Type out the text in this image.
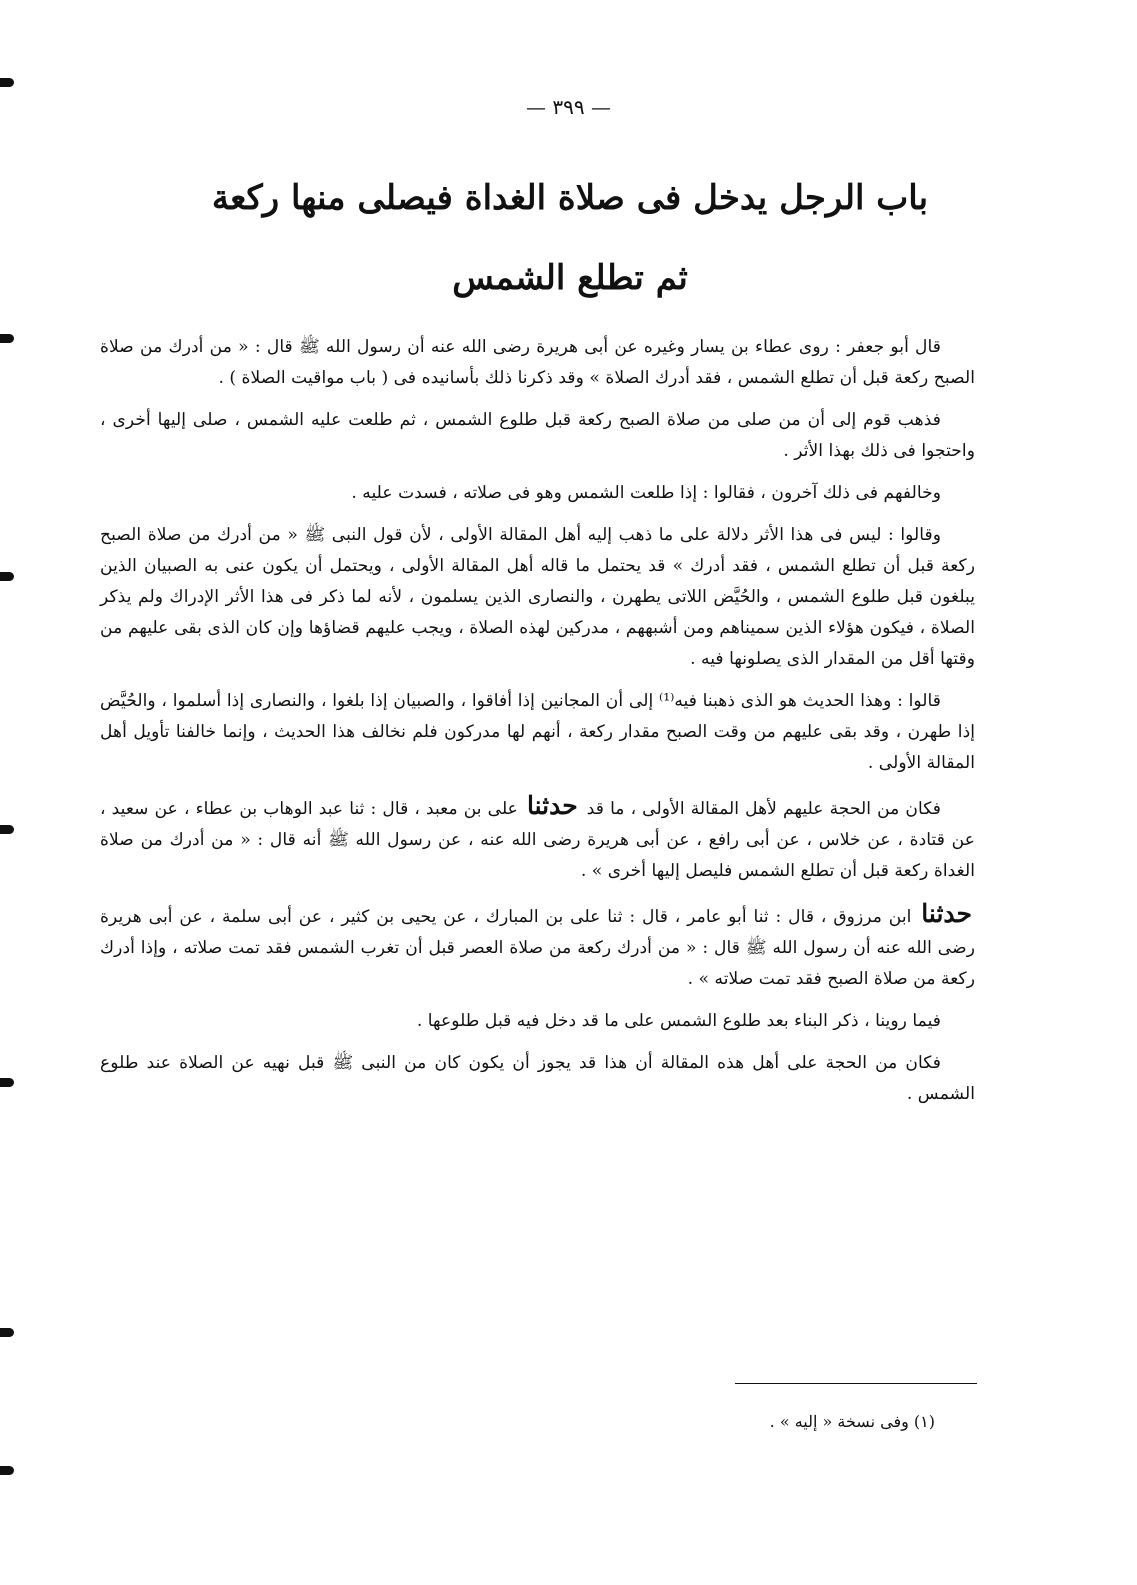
— ٣٩٩ —
باب الرجل يدخل فى صلاة الغداة فيصلى منها ركعة
ثم تطلع الشمس

قال أبو جعفر : روى عطاء بن يسار وغيره عن أبى هريرة رضى الله عنه أن رسول الله ﷺ قال : « من أدرك من صلاة الصبح ركعة قبل أن تطلع الشمس ، فقد أدرك الصلاة » وقد ذكرنا ذلك بأسانيده فى ( باب مواقيت الصلاة ) .

فذهب قوم إلى أن من صلى من صلاة الصبح ركعة قبل طلوع الشمس ، ثم طلعت عليه الشمس ، صلى إليها أخرى ، واحتجوا فى ذلك بهذا الأثر .

وخالفهم فى ذلك آخرون ، فقالوا : إذا طلعت الشمس وهو فى صلاته ، فسدت عليه .

وقالوا : ليس فى هذا الأثر دلالة على ما ذهب إليه أهل المقالة الأولى ، لأن قول النبى ﷺ « من أدرك من صلاة الصبح ركعة قبل أن تطلع الشمس ، فقد أدرك » قد يحتمل ما قاله أهل المقالة الأولى ، ويحتمل أن يكون عنى به الصبيان الذين يبلغون قبل طلوع الشمس ، والحُيَّض اللاتى يطهرن ، والنصارى الذين يسلمون ، لأنه لما ذكر فى هذا الأثر الإدراك ولم يذكر الصلاة ، فيكون هؤلاء الذين سميناهم ومن أشبههم ، مدركين لهذه الصلاة ، ويجب عليهم قضاؤها وإن كان الذى بقى عليهم من وقتها أقل من المقدار الذى يصلونها فيه .

قالوا : وهذا الحديث هو الذى ذهبنا فيه⁽¹⁾ إلى أن المجانين إذا أفاقوا ، والصبيان إذا بلغوا ، والنصارى إذا أسلموا ، والحُيَّض إذا طهرن ، وقد بقى عليهم من وقت الصبح مقدار ركعة ، أنهم لها مدركون فلم نخالف هذا الحديث ، وإنما خالفنا تأويل أهل المقالة الأولى .

فكان من الحجة عليهم لأهل المقالة الأولى ، ما قد حدثنا على بن معبد ، قال : ثنا عبد الوهاب بن عطاء ، عن سعيد ، عن قتادة ، عن خلاس ، عن أبى رافع ، عن أبى هريرة رضى الله عنه ، عن رسول الله ﷺ أنه قال : « من أدرك من صلاة الغداة ركعة قبل أن تطلع الشمس فليصل إليها أخرى » .

حدثنا ابن مرزوق ، قال : ثنا أبو عامر ، قال : ثنا على بن المبارك ، عن يحيى بن كثير ، عن أبى سلمة ، عن أبى هريرة رضى الله عنه أن رسول الله ﷺ قال : « من أدرك ركعة من صلاة العصر قبل أن تغرب الشمس فقد تمت صلاته ، وإذا أدرك ركعة من صلاة الصبح فقد تمت صلاته » .

فيما روينا ، ذكر البناء بعد طلوع الشمس على ما قد دخل فيه قبل طلوعها .

فكان من الحجة على أهل هذه المقالة أن هذا قد يجوز أن يكون كان من النبى ﷺ قبل نهيه عن الصلاة عند طلوع الشمس .

(١) وفى نسخة « إليه » .
